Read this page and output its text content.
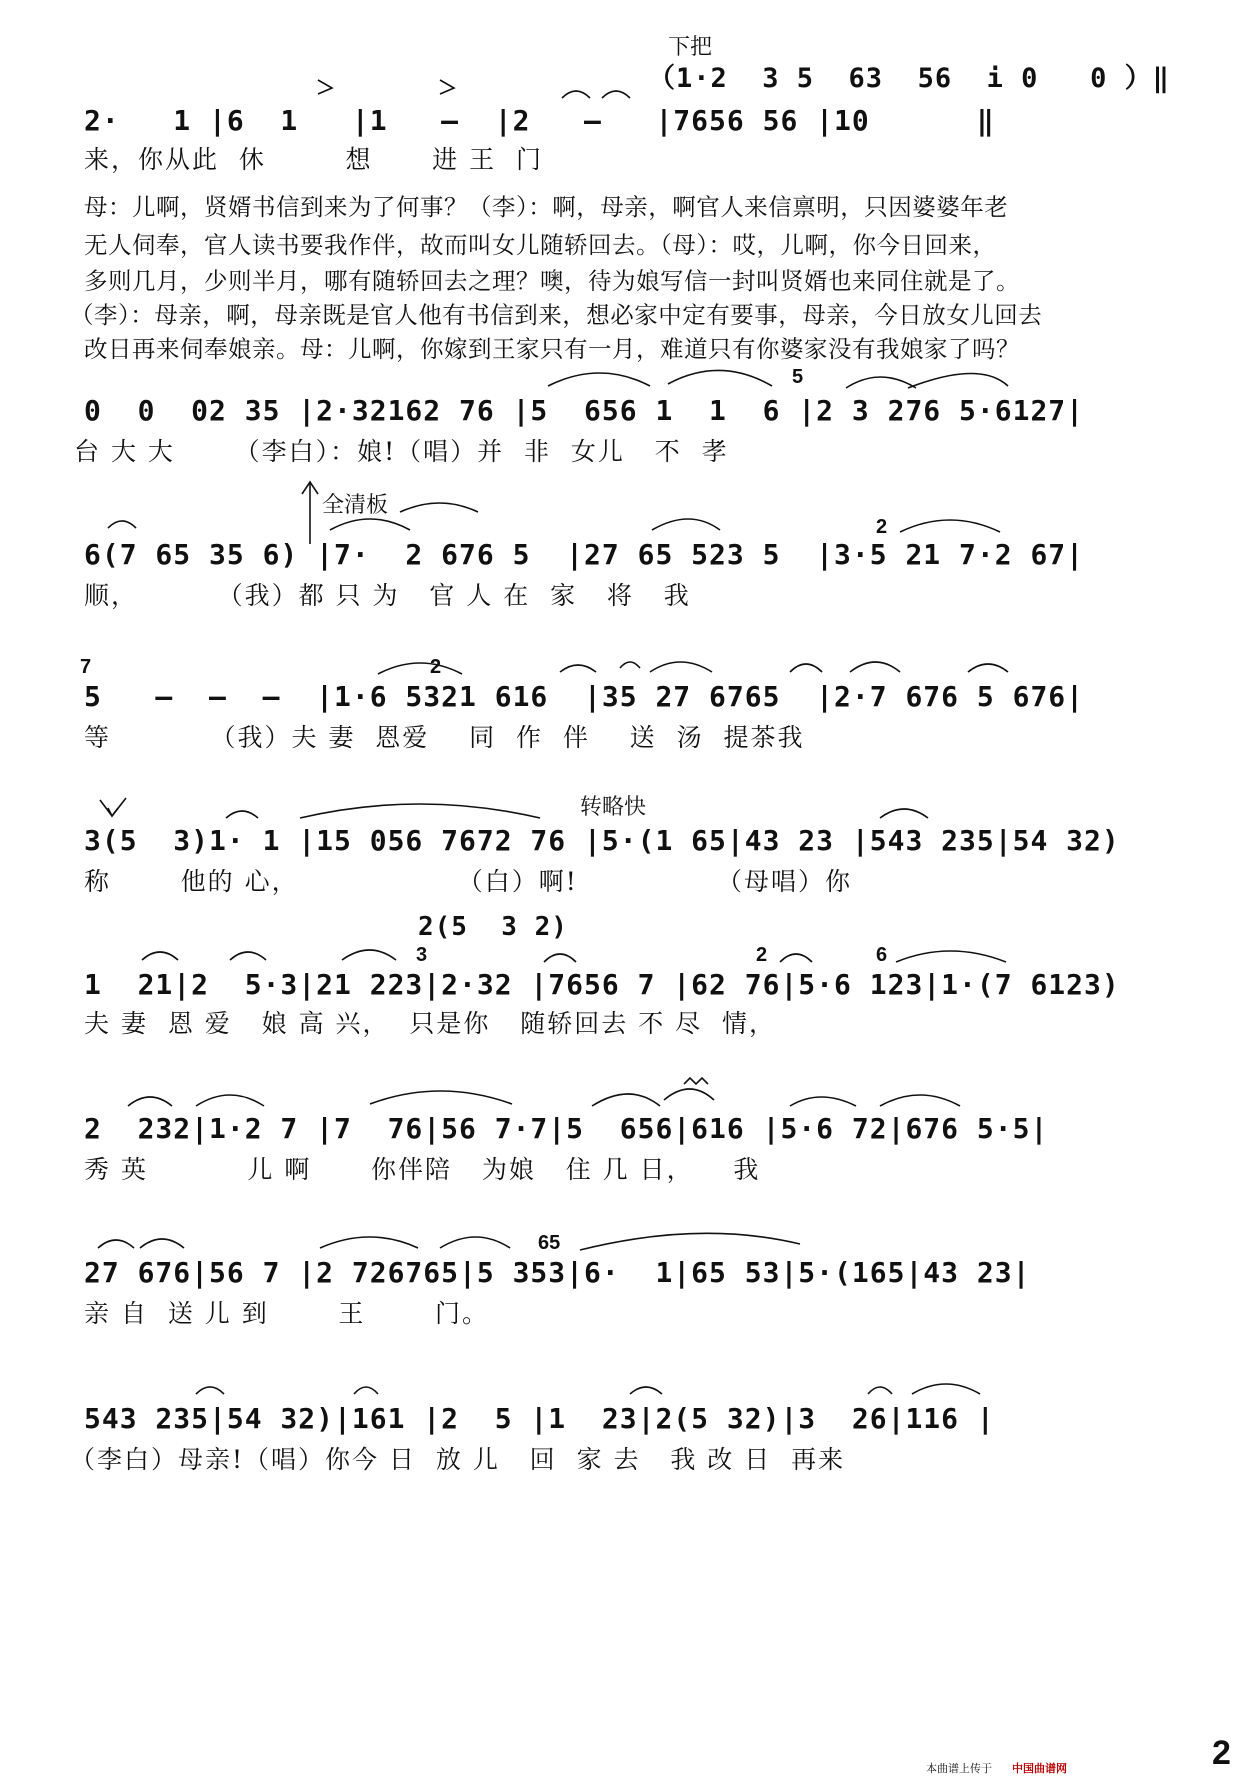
下把
（1·2  3 5  63  56  i 0   0 ）‖
2·   1 |6  1   |1   –  |2   –   |7656 56 |10      ‖
来，你从此  休        想      进 王  门
母：儿啊，贤婿书信到来为了何事？（李）：啊，母亲，啊官人来信禀明，只因婆婆年老
无人伺奉，官人读书要我作伴，故而叫女儿随轿回去。（母）：哎，儿啊，你今日回来，
多则几月，少则半月，哪有随轿回去之理？噢，待为娘写信一封叫贤婿也来同住就是了。
（李）：母亲，啊，母亲既是官人他有书信到来，想必家中定有要事，母亲，今日放女儿回去
改日再来伺奉娘亲。母：儿啊，你嫁到王家只有一月，难道只有你婆家没有我娘家了吗？
0  0  02 35 |2·32162 76 |5  656 1  1  6 |2 3 276 5·6127|
台 大 大      （李白）：娘!（唱）并  非  女儿   不  孝
5
全清板
6(7 65 35 6) |7·  2 676 5  |27 65 523 5  |3·5 21 7·2 67|
顺，        （我）都 只 为   官 人 在  家   将   我
2
7
5   –  –  –  |1·6 5321 616  |35 27 6765  |2·7 676 5 676|
等          （我）夫 妻  恩爱    同  作  伴    送  汤  提茶我
2
转略快
3(5  3)1· 1 |15 056 7672 76 |5·(1 65|43 23 |543 235|54 32)
称       他的 心，                （白）啊!              （母唱）你
2(5  3 2)
1  21|2  5·3|21 223|2·32 |7656 7 |62 76|5·6 123|1·(7 6123)
夫 妻  恩 爱   娘 高 兴，  只是你   随轿回去 不 尽  情，
3	2	6
2  232|1·2 7 |7  76|56 7·7|5  656|616 |5·6 72|676 5·5|
秀 英          儿 啊      你伴陪   为娘   住 几 日，    我
65
27 676|56 7 |2 726765|5 353|6·  1|65 53|5·(165|43 23|
亲 自  送 儿 到       王       门。
543 235|54 32)|161 |2  5 |1  23|2(5 32)|3  26|116 |
（李白）母亲!（唱）你今 日  放 儿   回  家 去   我 改 日  再来
本曲谱上传于 中国曲谱网	2
